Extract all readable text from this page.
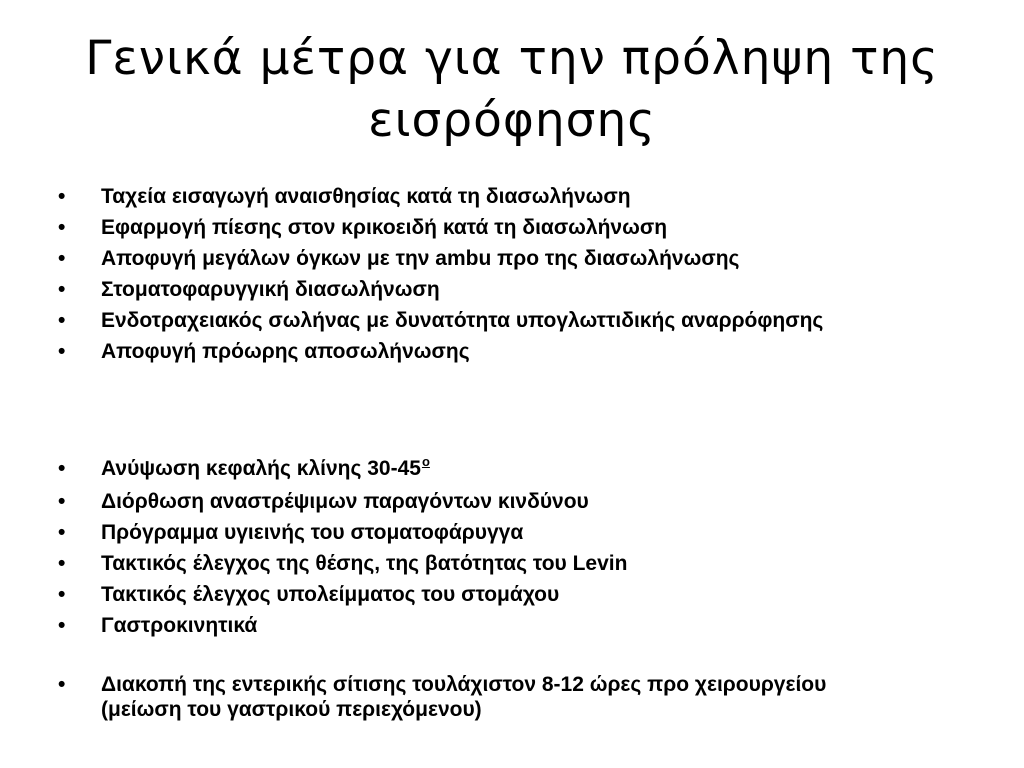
Γενικά μέτρα για την πρόληψη της εισρόφησης
• Ταχεία εισαγωγή αναισθησίας κατά τη διασωλήνωση
• Εφαρμογή πίεσης στον κρικοειδή κατά τη διασωλήνωση
• Αποφυγή μεγάλων όγκων με την ambu προ της διασωλήνωσης
• Στοματοφαρυγγική διασωλήνωση
• Ενδοτραχειακός σωλήνας με δυνατότητα υπογλωττιδικής αναρρόφησης
• Αποφυγή πρόωρης αποσωλήνωσης
• Ανύψωση κεφαλής κλίνης $30-45^o$
• Διόρθωση αναστρέψιμων παραγόντων κινδύνου
• Πρόγραμμα υγιεινής του στοματοφάρυγγα
• Τακτικός έλεγχος της θέσης, της βατότητας του Levin
• Τακτικός έλεγχος υπολείμματος του στομάχου
• Γαστροκινητικά
• Διακοπή της εντερικής σίτισης τουλάχιστον 8-12 ώρες προ χειρουργείου (μείωση του γαστρικού περιεχόμενου)
